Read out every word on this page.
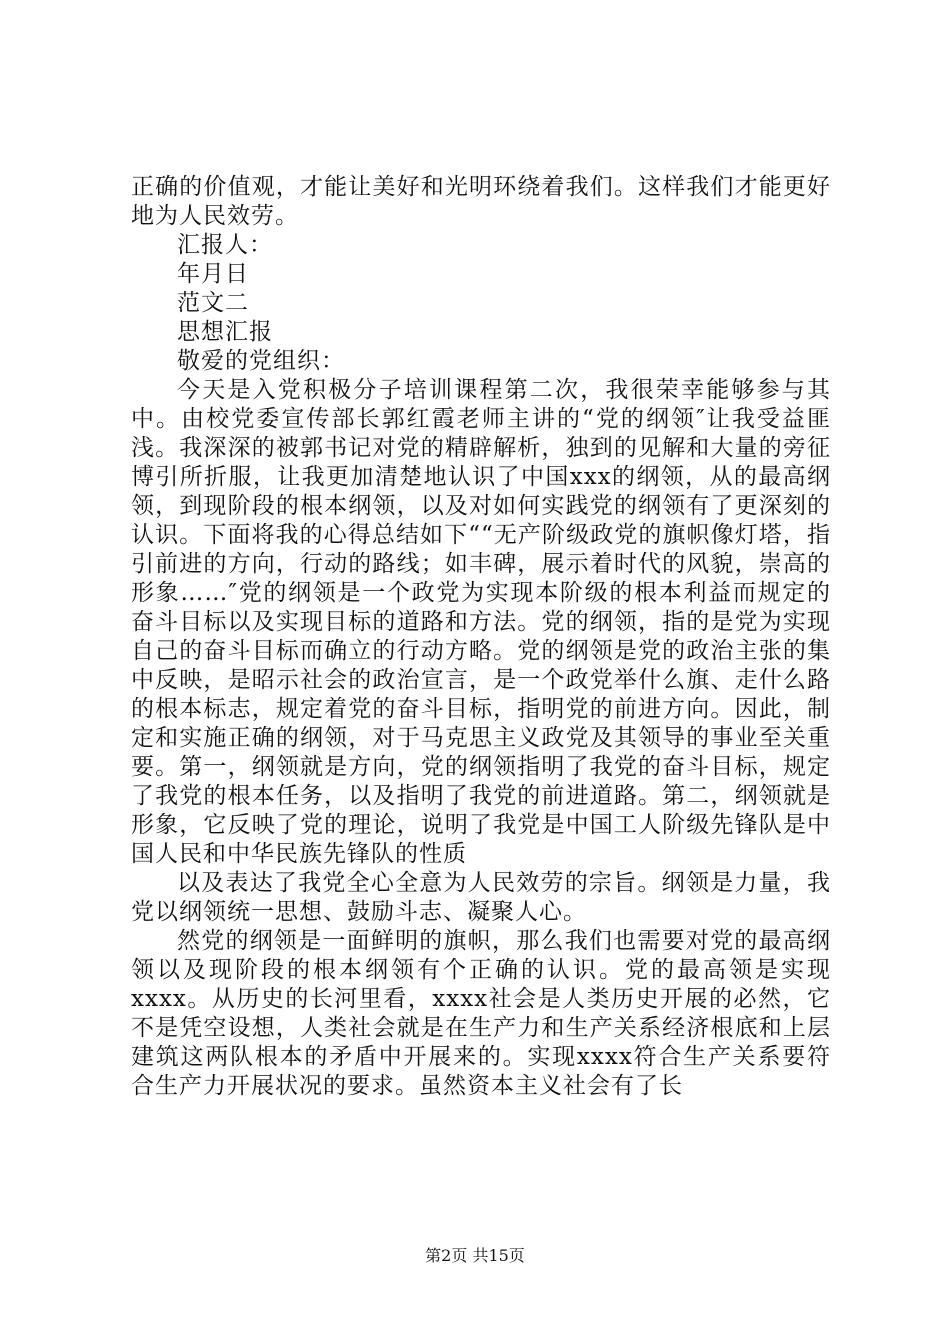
正确的价值观，才能让美好和光明环绕着我们。这样我们才能更好地为人民效劳。

汇报人：

年月日

范文二

思想汇报

敬爱的党组织：

今天是入党积极分子培训课程第二次，我很荣幸能够参与其中。由校党委宣传部长郭红霞老师主讲的“党的纲领″让我受益匪浅。我深深的被郭书记对党的精辟解析，独到的见解和大量的旁征博引所折服，让我更加清楚地认识了中国xxx的纲领，从的最高纲领，到现阶段的根本纲领，以及对如何实践党的纲领有了更深刻的认识。下面将我的心得总结如下““无产阶级政党的旗帜像灯塔，指引前进的方向，行动的路线；如丰碑，展示着时代的风貌，崇高的形象……″党的纲领是一个政党为实现本阶级的根本利益而规定的奋斗目标以及实现目标的道路和方法。党的纲领，指的是党为实现自己的奋斗目标而确立的行动方略。党的纲领是党的政治主张的集中反映，是昭示社会的政治宣言，是一个政党举什么旗、走什么路的根本标志，规定着党的奋斗目标，指明党的前进方向。因此，制定和实施正确的纲领，对于马克思主义政党及其领导的事业至关重要。第一，纲领就是方向，党的纲领指明了我党的奋斗目标，规定了我党的根本任务，以及指明了我党的前进道路。第二，纲领就是形象，它反映了党的理论，说明了我党是中国工人阶级先锋队是中国人民和中华民族先锋队的性质

以及表达了我党全心全意为人民效劳的宗旨。纲领是力量，我党以纲领统一思想、鼓励斗志、凝聚人心。

然党的纲领是一面鲜明的旗帜，那么我们也需要对党的最高纲领以及现阶段的根本纲领有个正确的认识。党的最高领是实现xxxx。从历史的长河里看，xxxx社会是人类历史开展的必然，它不是凭空设想，人类社会就是在生产力和生产关系经济根底和上层建筑这两队根本的矛盾中开展来的。实现xxxx符合生产关系要符合生产力开展状况的要求。虽然资本主义社会有了长

第2页 共15页
